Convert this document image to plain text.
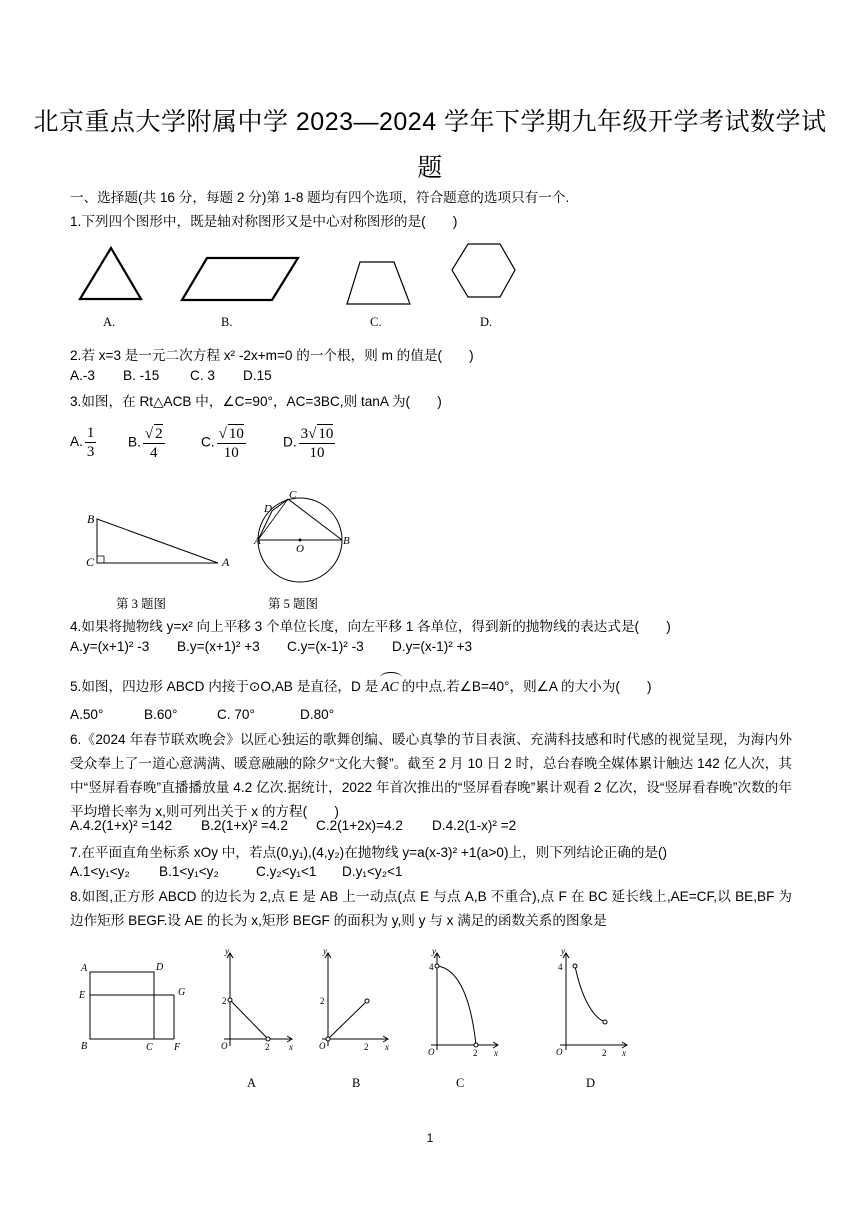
北京重点大学附属中学 2023—2024 学年下学期九年级开学考试数学试
题
一、选择题(共 16 分，每题 2 分)第 1-8 题均有四个选项，符合题意的选项只有一个.
1.下列四个图形中，既是轴对称图形又是中心对称图形的是(　　)
A.	B.	C.	D.
2.若 x=3 是一元二次方程 x² -2x+m=0 的一个根，则 m 的值是(　　)
A.-3 B. -15 C. 3 D.15
3.如图，在 Rt△ACB 中，∠C=90°，AC=3BC,则 tanA 为(　　)
A. $\frac{1}{3} B$. $\frac{√ 2}{4}$	C. $\frac{√ 10}{10}$	D. $\frac{3√ 10}{10}$
B
C	A
C
D
A
O
B
第 3 题图	第 5 题图
4.如果将抛物线 y=x² 向上平移 3 个单位长度，向左平移 1 各单位，得到新的抛物线的表达式是(　　)
A.y=(x+1)² -3 B.y=(x+1)² +3 C.y=(x-1)² -3 D.y=(x-1)² +3
5.如图，四边形 ABCD 内接于⊙O,AB 是直径，D 是 AC 的中点.若∠B=40°，则∠A 的大小为(　　)
A.50°	B.60°	C. 70°	D.80°
6.《2024 年春节联欢晚会》以匠心独运的歌舞创编、暖心真挚的节目表演、充满科技感和时代感的视觉呈现，为海内外受众奉上了一道心意满满、暖意融融的除夕“文化大餐”。截至 2 月 10 日 2 时，总台春晚全媒体累计触达 142 亿人次，其中“竖屏看春晚”直播播放量 4.2 亿次.据统计，2022 年首次推出的“竖屏看春晚”累计观看 2 亿次，设“竖屏看春晚”次数的年平均增长率为 x,则可列出关于 x 的方程(　　)
A.4.2(1+x)² =142 B.2(1+x)² =4.2 C.2(1+2x)=4.2 D.4.2(1-x)² =2
7.在平面直角坐标系 xOy 中，若点(0,y₁),(4,y₂)在抛物线 y=a(x-3)² +1(a>0)上，则下列结论正确的是()
A.1<y₁<y₂ B.1<y₁<y₂	C.y₂<y₁<1 D.y₁<y₂<1
8.如图,正方形 ABCD 的边长为 2,点 E 是 AB 上一动点(点 E 与点 A,B 不重合),点 F 在 BC 延长线上,AE=CF,以 BE,BF 为边作矩形 BEGF.设 AE 的长为 x,矩形 BEGF 的面积为 y,则 y 与 x 满足的函数关系的图象是
A	D
E	G
B	C F
y
x
O
2
2
y
x
O
2
2
y
x
O
4
2
y
x
O
4
2
A	B	C	D
1
